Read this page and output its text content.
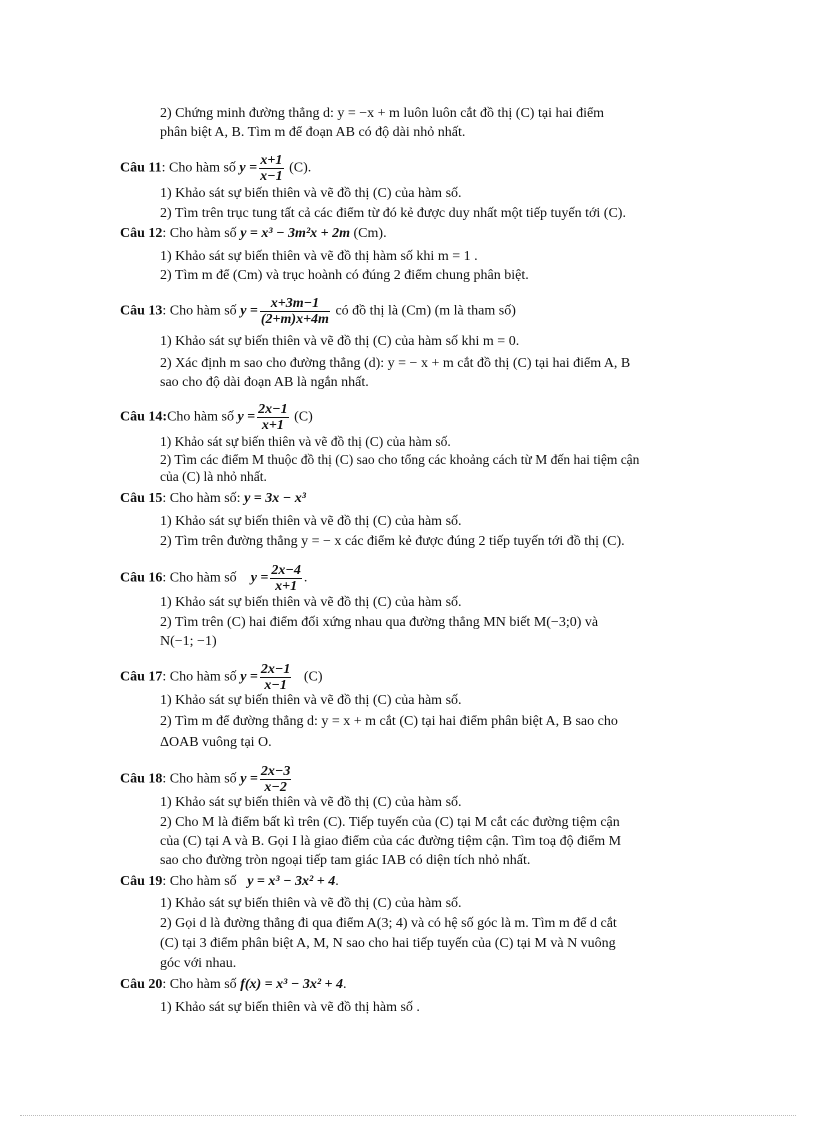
2) Chứng minh đường thẳng d: y = −x + m luôn luôn cắt đồ thị (C) tại hai điểm
phân biệt A, B. Tìm m để đoạn AB có độ dài nhỏ nhất.
Câu 11: Cho hàm số $y = \frac{x+1}{x-1} (C)$.
1) Khảo sát sự biến thiên và vẽ đồ thị (C) của hàm số.
2) Tìm trên trục tung tất cả các điểm từ đó kẻ được duy nhất một tiếp tuyến tới (C).
Câu 12: Cho hàm số y = x³ − 3m²x + 2m (Cm).
1) Khảo sát sự biến thiên và vẽ đồ thị hàm số khi m = 1 .
2) Tìm m để (Cm) và trục hoành có đúng 2 điểm chung phân biệt.
Câu 13: Cho hàm số $y = \frac{x+3m-1}{(2+m)x+4m}$ có đồ thị là (Cm) (m là tham số)
1) Khảo sát sự biến thiên và vẽ đồ thị (C) của hàm số khi m = 0.
2) Xác định m sao cho đường thẳng (d): y = − x + m cắt đồ thị (C) tại hai điểm A, B
sao cho độ dài đoạn AB là ngắn nhất.
Câu 14:Cho hàm số $y = \frac{2x-1}{x+1} (C)$
1) Khảo sát sự biến thiên và vẽ đồ thị (C) của hàm số.
2) Tìm các điểm M thuộc đồ thị (C) sao cho tổng các khoảng cách từ M đến hai tiệm cận
của (C) là nhỏ nhất.
Câu 15: Cho hàm số: y = 3x − x³
1) Khảo sát sự biến thiên và vẽ đồ thị (C) của hàm số.
2) Tìm trên đường thẳng y = − x các điểm kẻ được đúng 2 tiếp tuyến tới đồ thị (C).
Câu 16: Cho hàm số $y = \frac{2x-4}{x+1}$ .
1) Khảo sát sự biến thiên và vẽ đồ thị (C) của hàm số.
2) Tìm trên (C) hai điểm đối xứng nhau qua đường thẳng MN biết M(−3;0) và
N(−1; −1)
Câu 17: Cho hàm số $y = \frac{2x-1}{x-1} (C)$
1) Khảo sát sự biến thiên và vẽ đồ thị (C) của hàm số.
2) Tìm m để đường thẳng d: y = x + m cắt (C) tại hai điểm phân biệt A, B sao cho
ΔOAB vuông tại O.
Câu 18: Cho hàm số $y = \frac{2x-3}{x-2}$
1) Khảo sát sự biến thiên và vẽ đồ thị (C) của hàm số.
2) Cho M là điểm bất kì trên (C). Tiếp tuyến của (C) tại M cắt các đường tiệm cận
của (C) tại A và B. Gọi I là giao điểm của các đường tiệm cận. Tìm toạ độ điểm M
sao cho đường tròn ngoại tiếp tam giác IAB có diện tích nhỏ nhất.
Câu 19: Cho hàm số y = x³ − 3x² + 4.
1) Khảo sát sự biến thiên và vẽ đồ thị (C) của hàm số.
2) Gọi d là đường thẳng đi qua điểm A(3; 4) và có hệ số góc là m. Tìm m để d cắt
(C) tại 3 điểm phân biệt A, M, N sao cho hai tiếp tuyến của (C) tại M và N vuông
góc với nhau.
Câu 20: Cho hàm số f(x) = x³ − 3x² + 4.
1) Khảo sát sự biến thiên và vẽ đồ thị hàm số .
